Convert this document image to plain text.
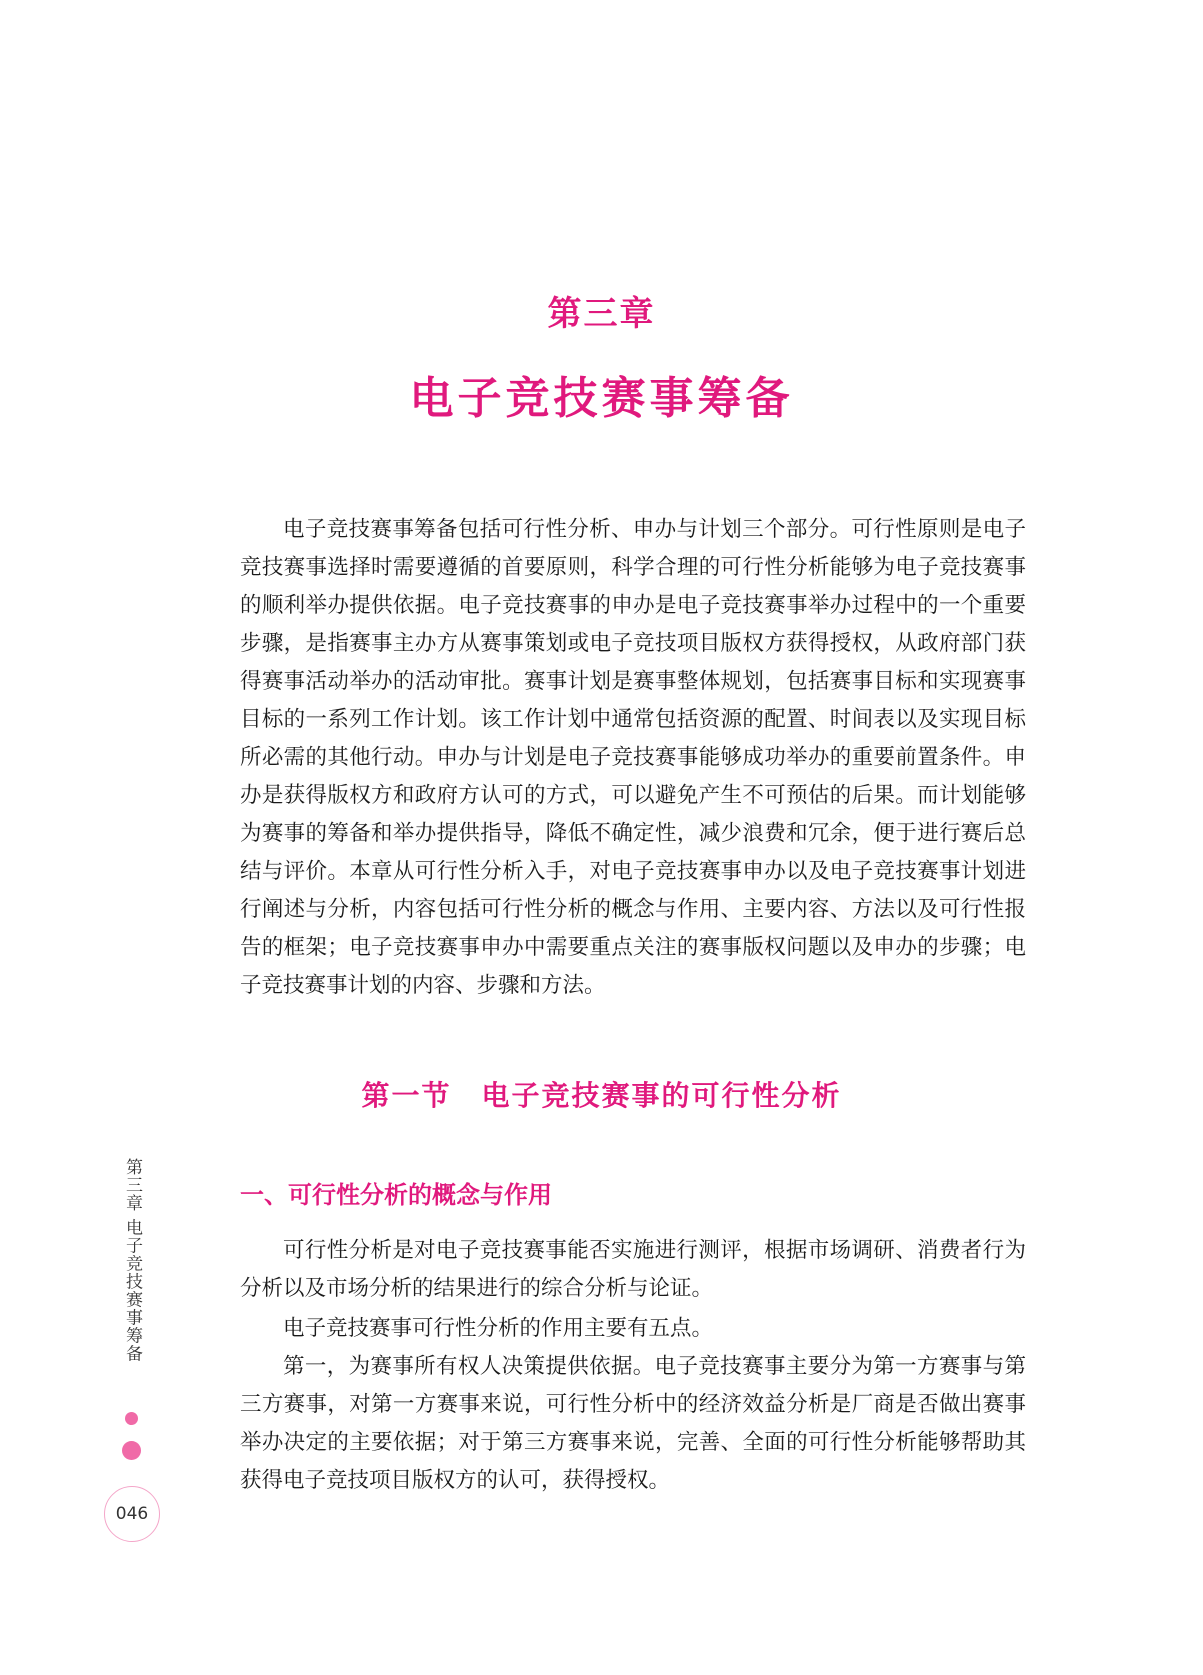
第三章
电子竞技赛事筹备

电子竞技赛事筹备包括可行性分析、申办与计划三个部分。可行性原则是电子竞技赛事选择时需要遵循的首要原则，科学合理的可行性分析能够为电子竞技赛事的顺利举办提供依据。电子竞技赛事的申办是电子竞技赛事举办过程中的一个重要步骤，是指赛事主办方从赛事策划或电子竞技项目版权方获得授权，从政府部门获得赛事活动举办的活动审批。赛事计划是赛事整体规划，包括赛事目标和实现赛事目标的一系列工作计划。该工作计划中通常包括资源的配置、时间表以及实现目标所必需的其他行动。申办与计划是电子竞技赛事能够成功举办的重要前置条件。申办是获得版权方和政府方认可的方式，可以避免产生不可预估的后果。而计划能够为赛事的筹备和举办提供指导，降低不确定性，减少浪费和冗余，便于进行赛后总结与评价。本章从可行性分析入手，对电子竞技赛事申办以及电子竞技赛事计划进行阐述与分析，内容包括可行性分析的概念与作用、主要内容、方法以及可行性报告的框架；电子竞技赛事申办中需要重点关注的赛事版权问题以及申办的步骤；电子竞技赛事计划的内容、步骤和方法。

第一节　电子竞技赛事的可行性分析
一、可行性分析的概念与作用

可行性分析是对电子竞技赛事能否实施进行测评，根据市场调研、消费者行为分析以及市场分析的结果进行的综合分析与论证。

电子竞技赛事可行性分析的作用主要有五点。

第一，为赛事所有权人决策提供依据。电子竞技赛事主要分为第一方赛事与第三方赛事，对第一方赛事来说，可行性分析中的经济效益分析是厂商是否做出赛事举办决定的主要依据；对于第三方赛事来说，完善、全面的可行性分析能够帮助其获得电子竞技项目版权方的认可，获得授权。

第三章 电子竞技赛事筹备
046
